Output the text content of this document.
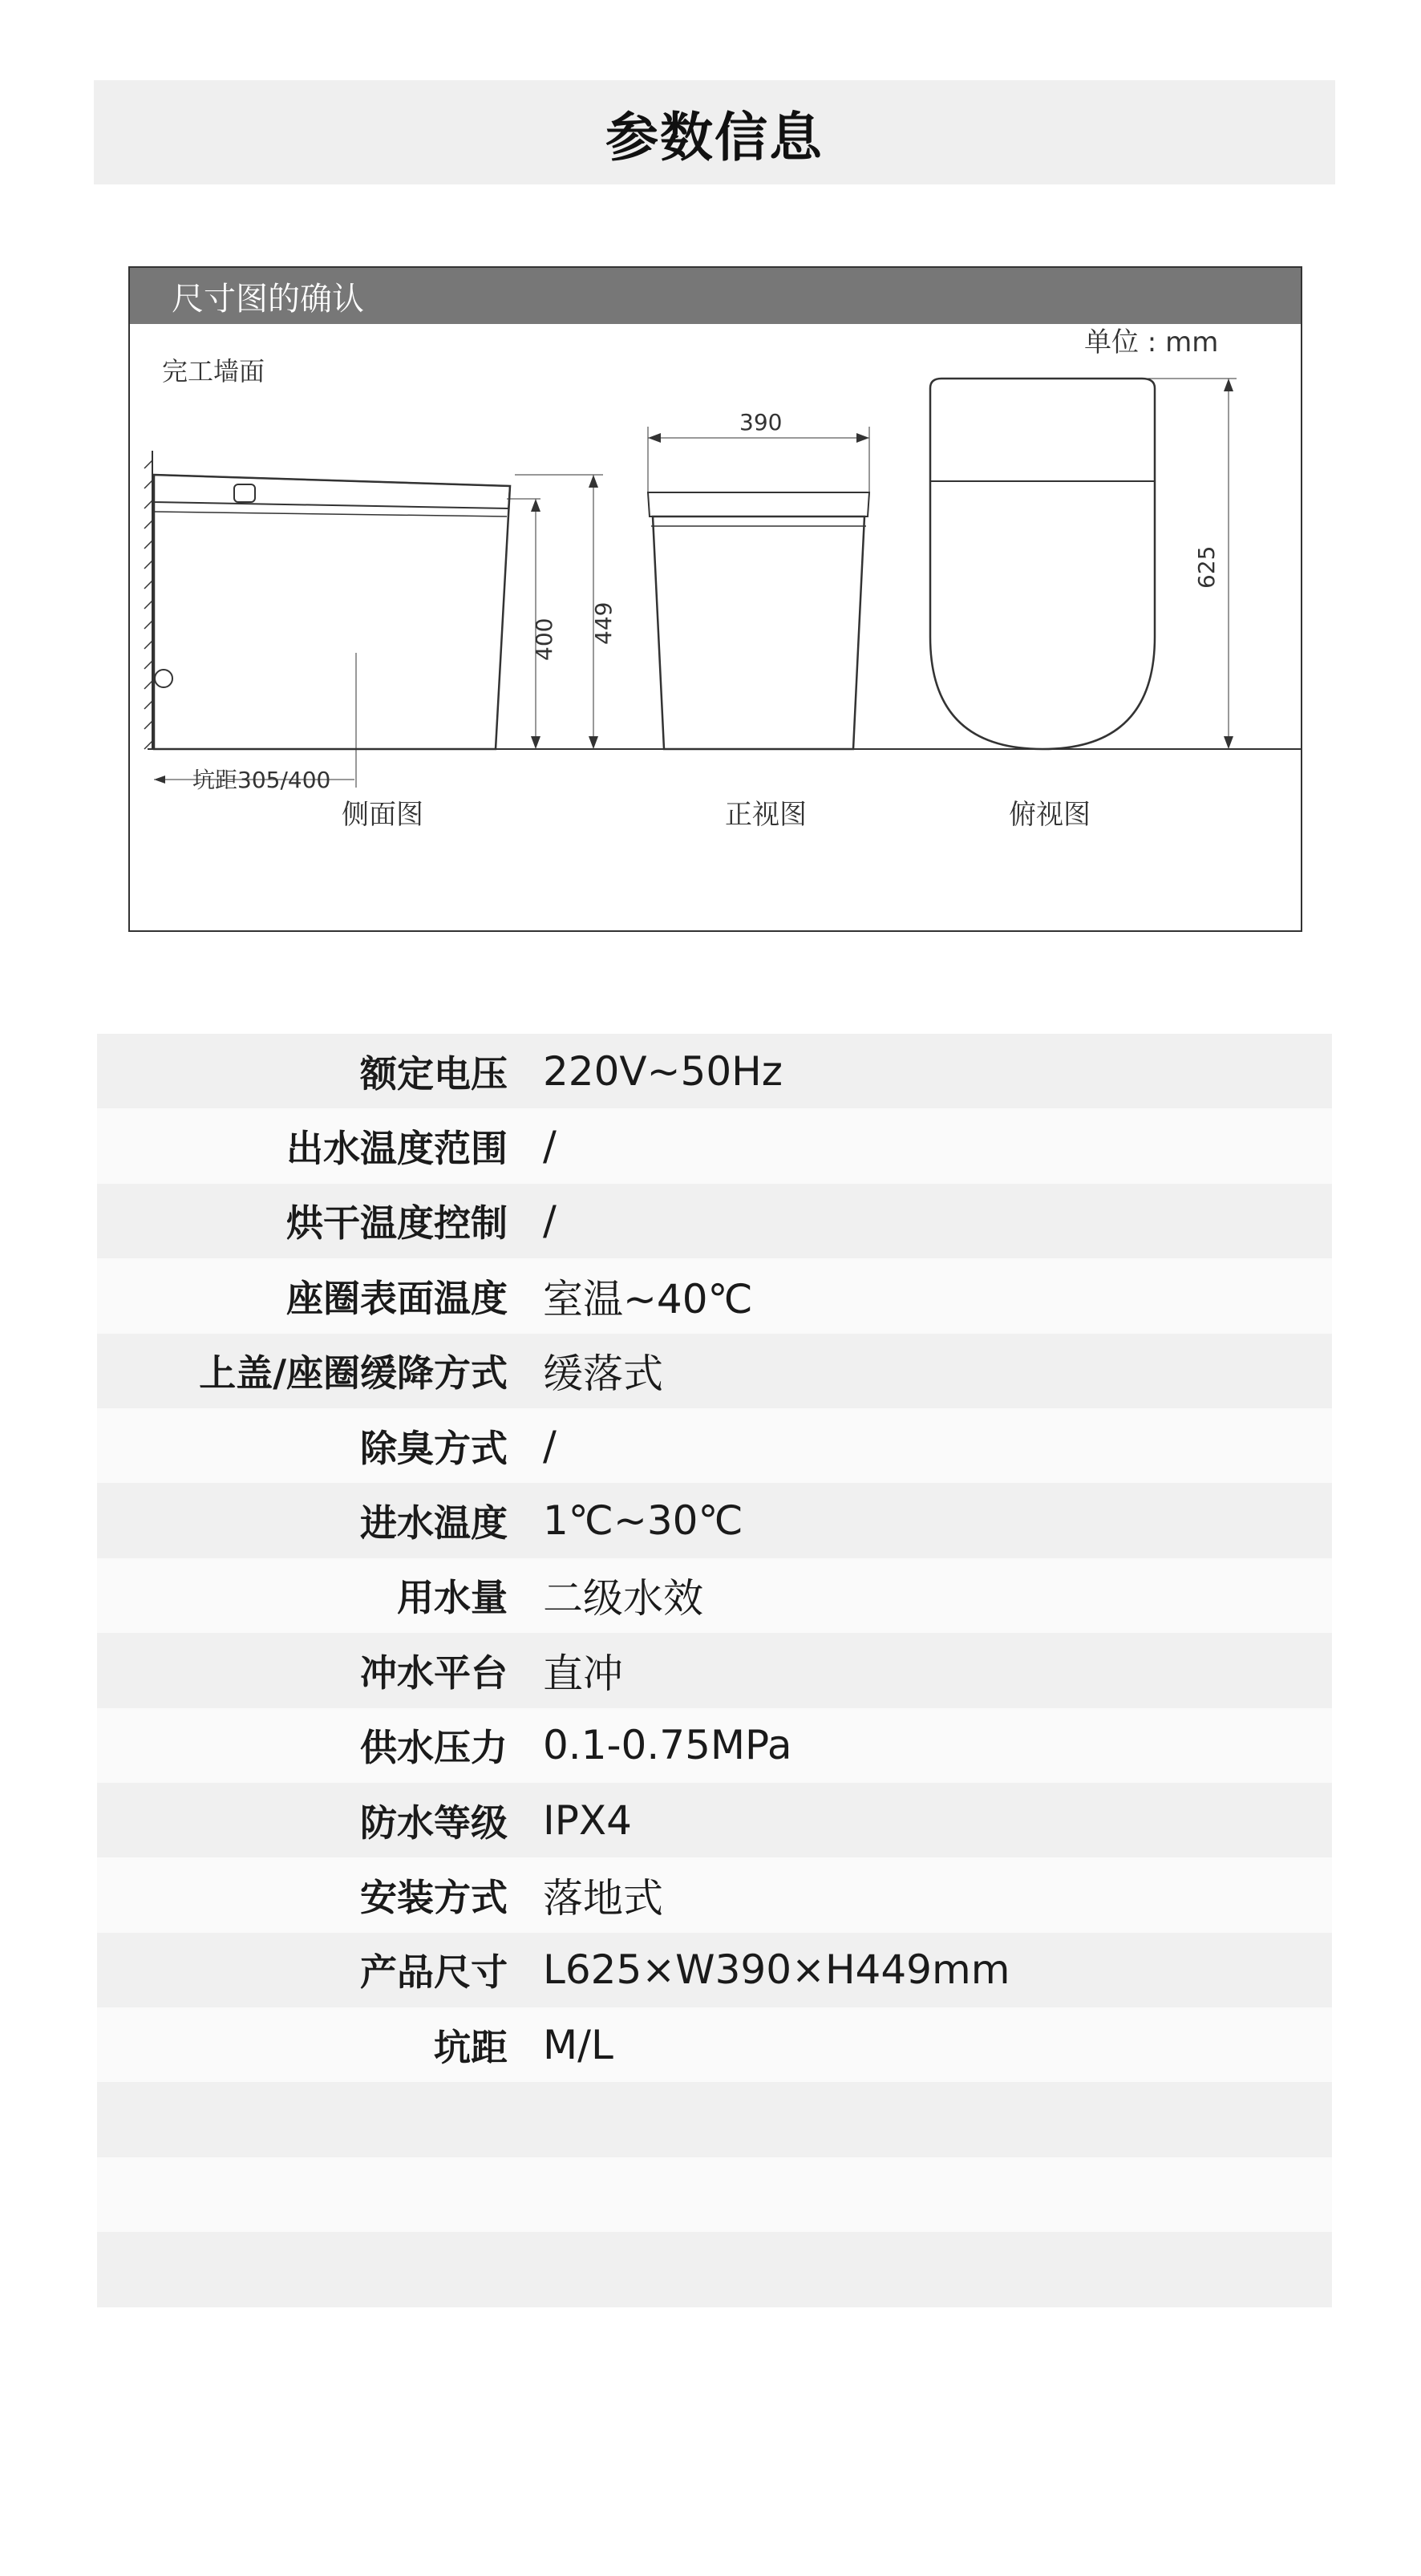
参数信息
尺寸图的确认
单位 : mm
完工墙面
390
449
400
625
坑距305/400
侧面图	正视图	俯视图
额定电压 220V~50Hz
出水温度范围 /
烘干温度控制 /
座圈表面温度 室温~40℃
上盖/座圈缓降方式 缓落式
除臭方式 /
进水温度 1℃~30℃
用水量 二级水效
冲水平台 直冲
供水压力 0.1-0.75MPa
防水等级 IPX4
安装方式 落地式
产品尺寸 L625×W390×H449mm
坑距 M/L
